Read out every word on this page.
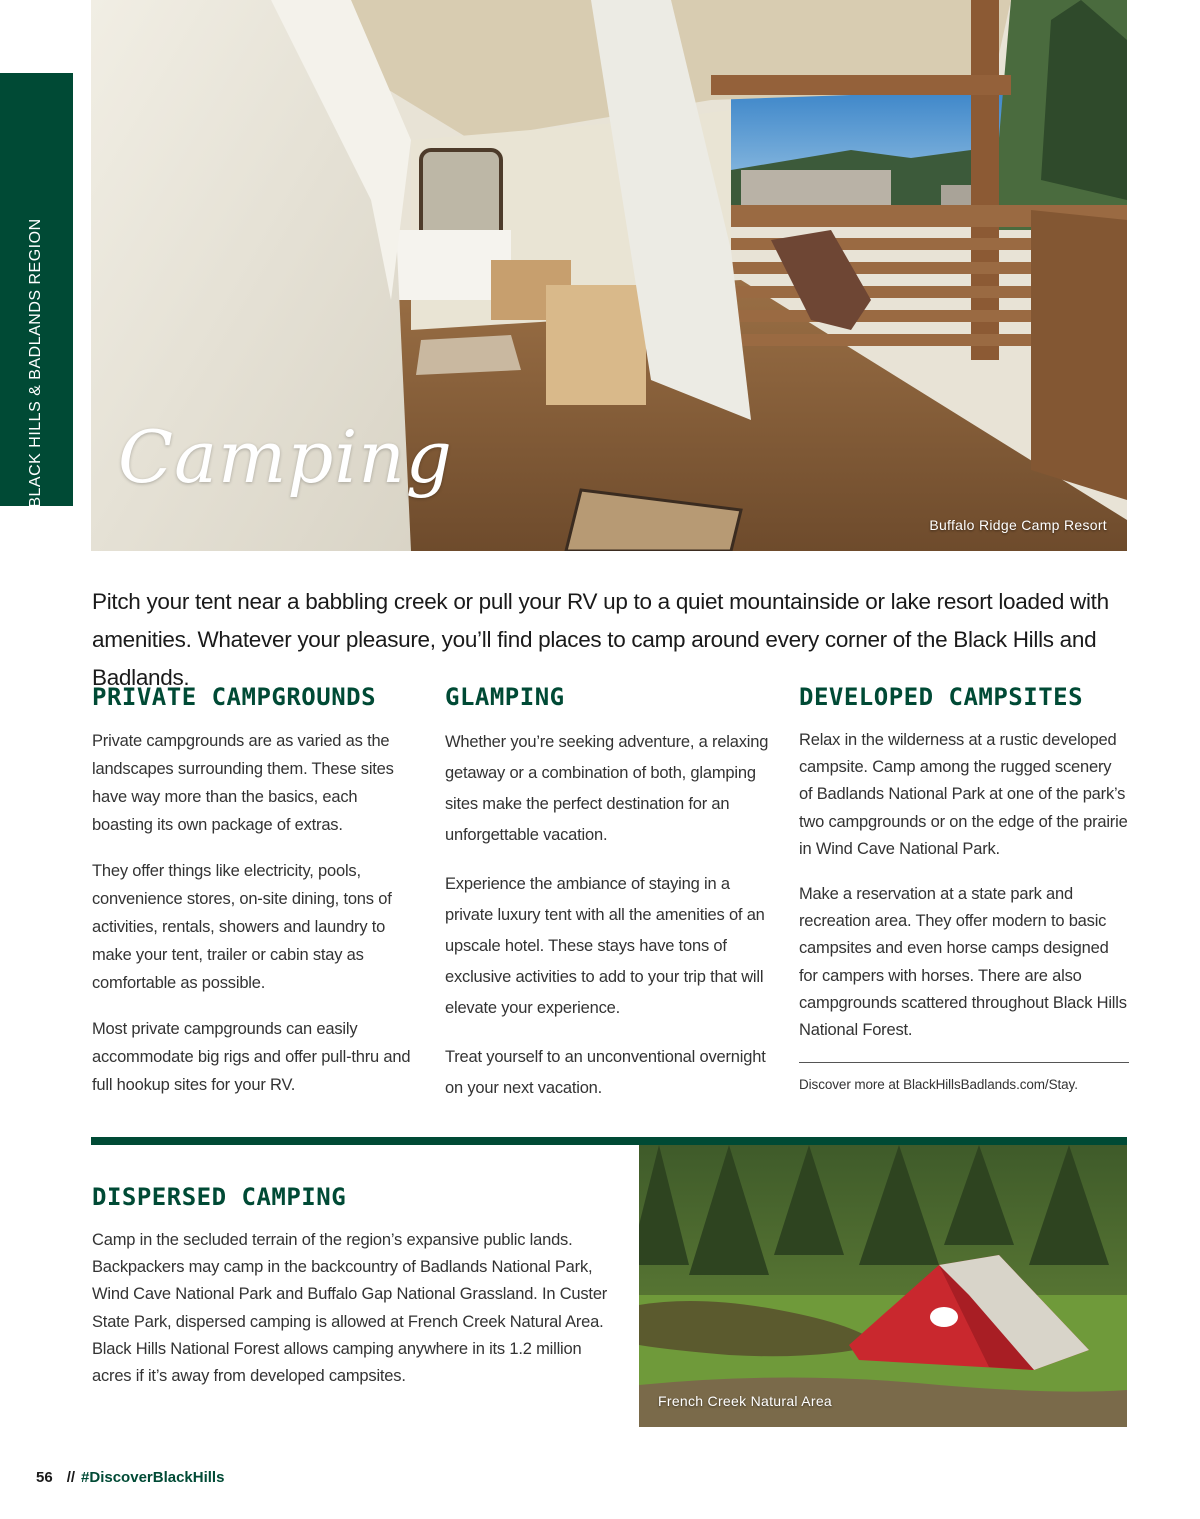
BLACK HILLS & BADLANDS REGION Camping
Buffalo Ridge Camp Resort

Pitch your tent near a babbling creek or pull your RV up to a quiet mountainside or lake resort loaded with amenities. Whatever your pleasure, you’ll find places to camp around every corner of the Black Hills and Badlands.

PRIVATE CAMPGROUNDS

Private campgrounds are as varied as the landscapes surrounding them. These sites have way more than the basics, each boasting its own package of extras.

They offer things like electricity, pools, convenience stores, on-site dining, tons of activities, rentals, showers and laundry to make your tent, trailer or cabin stay as comfortable as possible.

Most private campgrounds can easily accommodate big rigs and offer pull-thru and full hookup sites for your RV.

GLAMPING

Whether you’re seeking adventure, a relaxing getaway or a combination of both, glamping sites make the perfect destination for an unforgettable vacation.

Experience the ambiance of staying in a private luxury tent with all the amenities of an upscale hotel. These stays have tons of exclusive activities to add to your trip that will elevate your experience.

Treat yourself to an unconventional overnight on your next vacation.

DEVELOPED CAMPSITES

Relax in the wilderness at a rustic developed campsite. Camp among the rugged scenery of Badlands National Park at one of the park’s two campgrounds or on the edge of the prairie in Wind Cave National Park.

Make a reservation at a state park and recreation area. They offer modern to basic campsites and even horse camps designed for campers with horses. There are also campgrounds scattered throughout Black Hills National Forest.

Discover more at BlackHillsBadlands.com/Stay.
DISPERSED CAMPING

Camp in the secluded terrain of the region’s expansive public lands. Backpackers may camp in the backcountry of Badlands National Park, Wind Cave National Park and Buffalo Gap National Grassland. In Custer State Park, dispersed camping is allowed at French Creek Natural Area. Black Hills National Forest allows camping anywhere in its 1.2 million acres if it’s away from developed campsites.

French Creek Natural Area
56 // #DiscoverBlackHills
